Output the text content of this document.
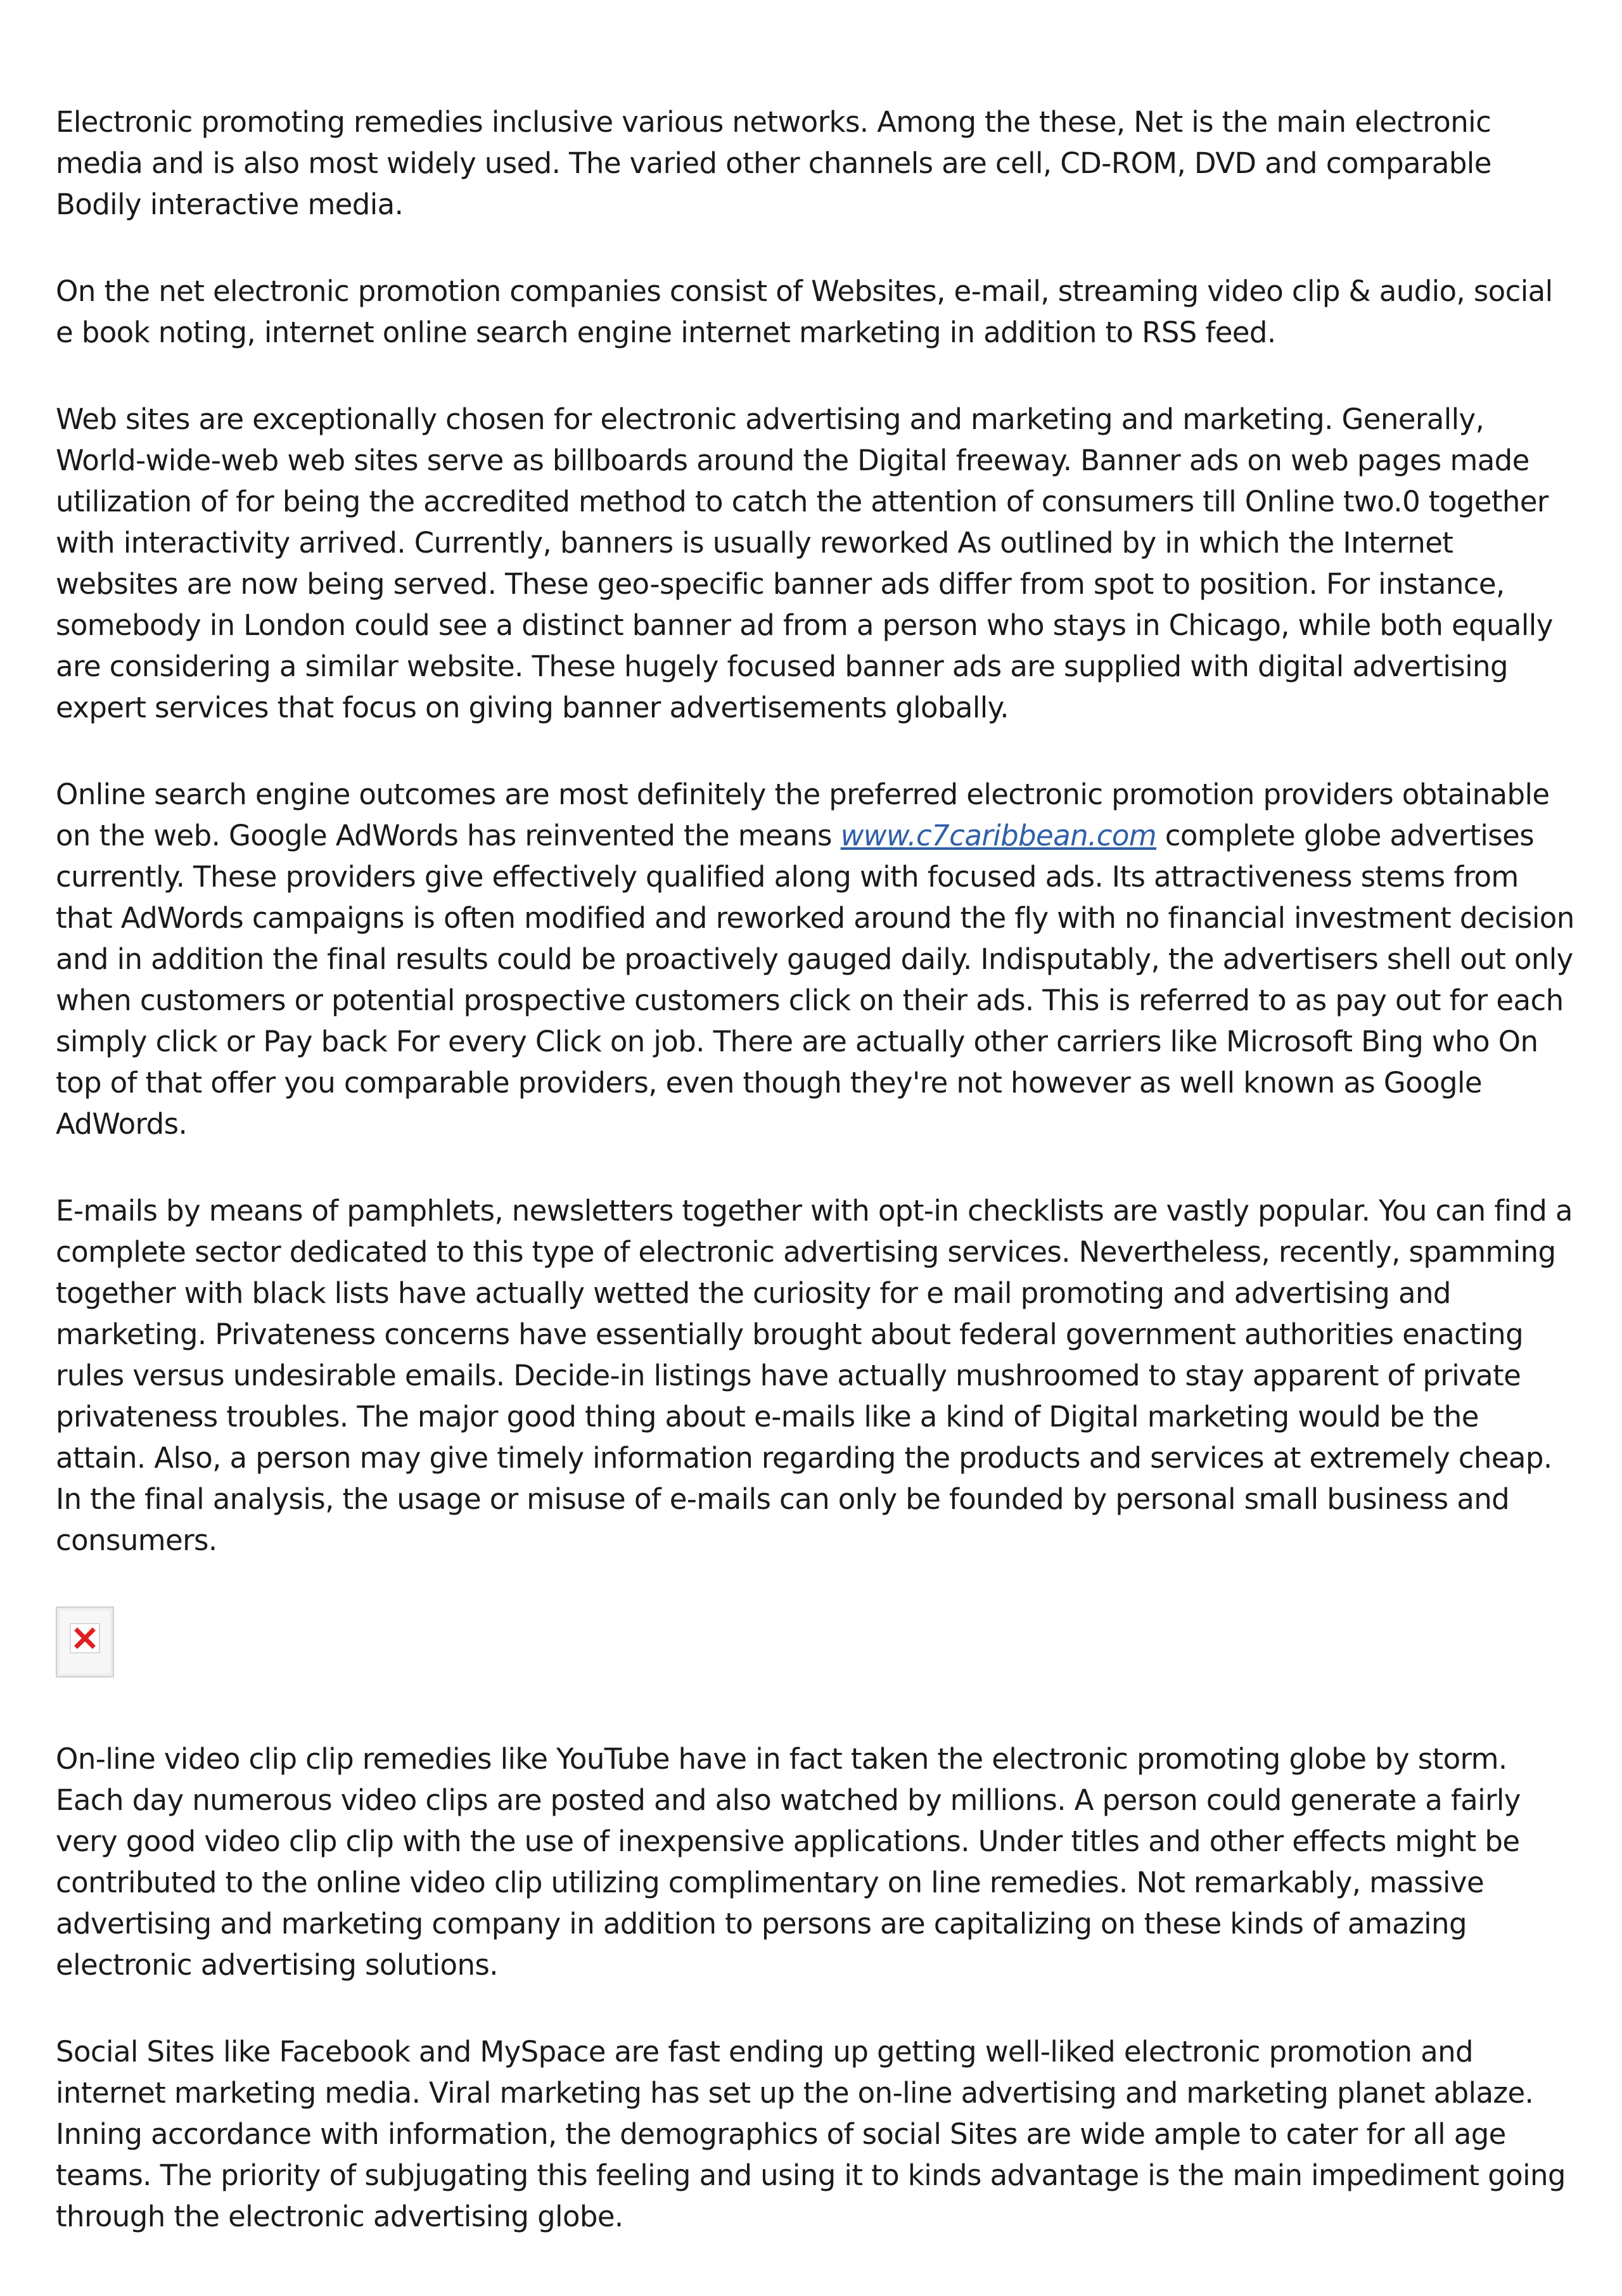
Electronic promoting remedies inclusive various networks. Among the these, Net is the main electronic media and is also most widely used. The varied other channels are cell, CD-ROM, DVD and comparable Bodily interactive media.

On the net electronic promotion companies consist of Websites, e-mail, streaming video clip & audio, social e book noting, internet online search engine internet marketing in addition to RSS feed.

Web sites are exceptionally chosen for electronic advertising and marketing and marketing. Generally, World-wide-web web sites serve as billboards around the Digital freeway. Banner ads on web pages made utilization of for being the accredited method to catch the attention of consumers till Online two.0 together with interactivity arrived. Currently, banners is usually reworked As outlined by in which the Internet websites are now being served. These geo-specific banner ads differ from spot to position. For instance, somebody in London could see a distinct banner ad from a person who stays in Chicago, while both equally are considering a similar website. These hugely focused banner ads are supplied with digital advertising expert services that focus on giving banner advertisements globally.

Online search engine outcomes are most definitely the preferred electronic promotion providers obtainable on the web. Google AdWords has reinvented the means www.c7caribbean.com complete globe advertises currently. These providers give effectively qualified along with focused ads. Its attractiveness stems from that AdWords campaigns is often modified and reworked around the fly with no financial investment decision and in addition the final results could be proactively gauged daily. Indisputably, the advertisers shell out only when customers or potential prospective customers click on their ads. This is referred to as pay out for each simply click or Pay back For every Click on job. There are actually other carriers like Microsoft Bing who On top of that offer you comparable providers, even though they're not however as well known as Google AdWords.

E-mails by means of pamphlets, newsletters together with opt-in checklists are vastly popular. You can find a complete sector dedicated to this type of electronic advertising services. Nevertheless, recently, spamming together with black lists have actually wetted the curiosity for e mail promoting and advertising and marketing. Privateness concerns have essentially brought about federal government authorities enacting rules versus undesirable emails. Decide-in listings have actually mushroomed to stay apparent of private privateness troubles. The major good thing about e-mails like a kind of Digital marketing would be the attain. Also, a person may give timely information regarding the products and services at extremely cheap. In the final analysis, the usage or misuse of e-mails can only be founded by personal small business and consumers.

On-line video clip clip remedies like YouTube have in fact taken the electronic promoting globe by storm. Each day numerous video clips are posted and also watched by millions. A person could generate a fairly very good video clip clip with the use of inexpensive applications. Under titles and other effects might be contributed to the online video clip utilizing complimentary on line remedies. Not remarkably, massive advertising and marketing company in addition to persons are capitalizing on these kinds of amazing electronic advertising solutions.

Social Sites like Facebook and MySpace are fast ending up getting well-liked electronic promotion and internet marketing media. Viral marketing has set up the on-line advertising and marketing planet ablaze. Inning accordance with information, the demographics of social Sites are wide ample to cater for all age teams. The priority of subjugating this feeling and using it to kinds advantage is the main impediment going through the electronic advertising globe.
